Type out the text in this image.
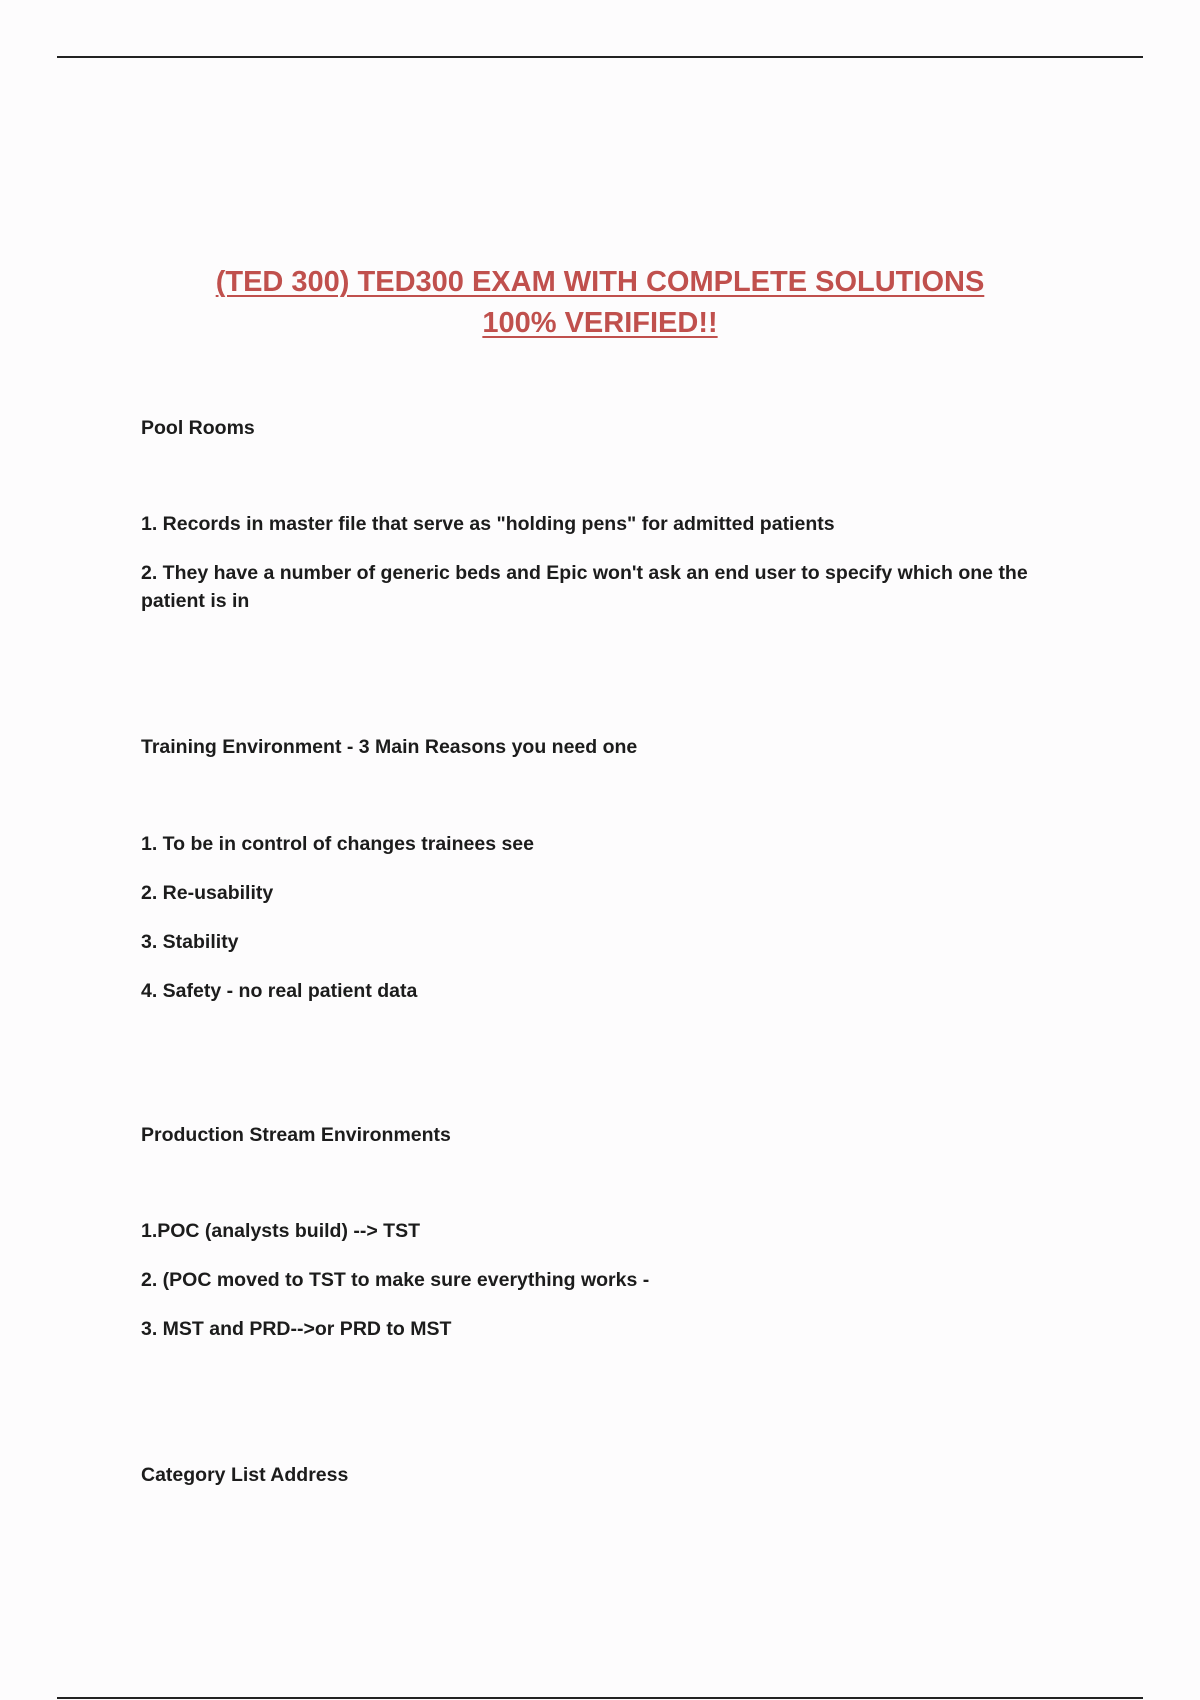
(TED 300) TED300 EXAM WITH COMPLETE SOLUTIONS
100% VERIFIED!!
Pool Rooms
1. Records in master file that serve as "holding pens" for admitted patients
2. They have a number of generic beds and Epic won't ask an end user to specify which one the patient is in
Training Environment - 3 Main Reasons you need one
1. To be in control of changes trainees see
2. Re-usability
3. Stability
4. Safety - no real patient data
Production Stream Environments
1.POC (analysts build) --> TST
2. (POC moved to TST to make sure everything works -
3. MST and PRD-->or PRD to MST
Category List Address
